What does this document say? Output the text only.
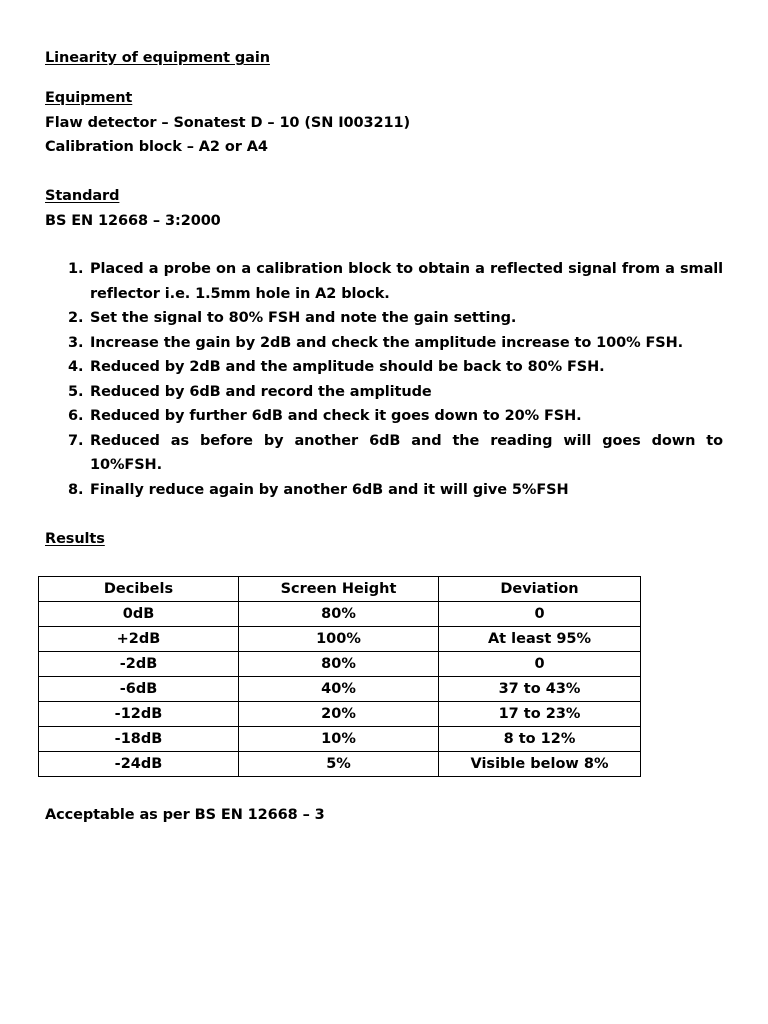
Linearity of equipment gain
Equipment
Flaw detector – Sonatest D – 10 (SN I003211)
Calibration block – A2 or A4
Standard
BS EN 12668 – 3:2000
Placed a probe on a calibration block to obtain a reflected signal from a small reflector i.e. 1.5mm hole in A2 block.
Set the signal to 80% FSH and note the gain setting.
Increase the gain by 2dB and check the amplitude increase to 100% FSH.
Reduced by 2dB and the amplitude should be back to 80% FSH.
Reduced by 6dB and record the amplitude
Reduced by further 6dB and check it goes down to 20% FSH.
Reduced as before by another 6dB and the reading will goes down to 10%FSH.
Finally reduce again by another 6dB and it will give 5%FSH
Results
Decibels	Screen Height	Deviation
0dB	80%	0
+2dB	100%	At least 95%
-2dB	80%	0
-6dB	40%	37 to 43%
-12dB	20%	17 to 23%
-18dB	10%	8 to 12%
-24dB	5%	Visible below 8%
Acceptable as per BS EN 12668 – 3
